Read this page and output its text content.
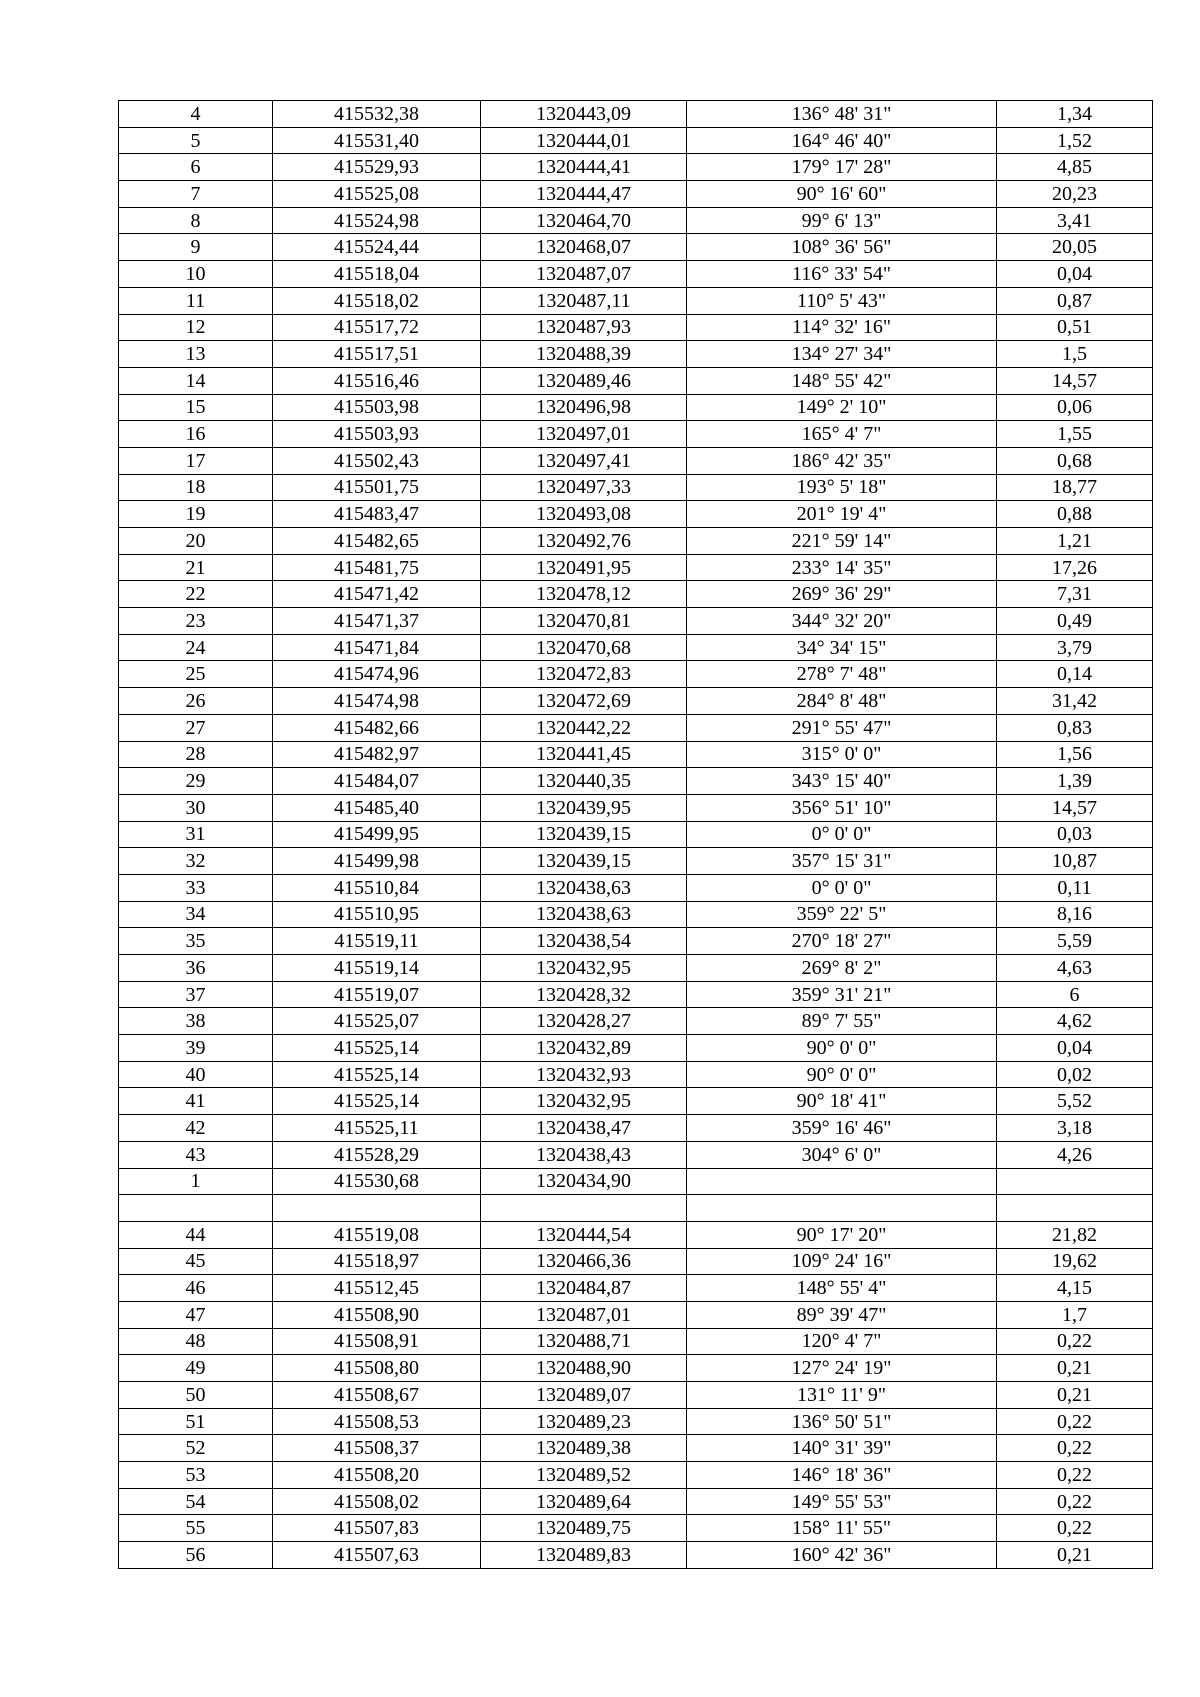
4	415532,38	1320443,09	136° 48' 31"	1,34
5	415531,40	1320444,01	164° 46' 40"	1,52
6	415529,93	1320444,41	179° 17' 28"	4,85
7	415525,08	1320444,47	90° 16' 60"	20,23
8	415524,98	1320464,70	99° 6' 13"	3,41
9	415524,44	1320468,07	108° 36' 56"	20,05
10	415518,04	1320487,07	116° 33' 54"	0,04
11	415518,02	1320487,11	110° 5' 43"	0,87
12	415517,72	1320487,93	114° 32' 16"	0,51
13	415517,51	1320488,39	134° 27' 34"	1,5
14	415516,46	1320489,46	148° 55' 42"	14,57
15	415503,98	1320496,98	149° 2' 10"	0,06
16	415503,93	1320497,01	165° 4' 7"	1,55
17	415502,43	1320497,41	186° 42' 35"	0,68
18	415501,75	1320497,33	193° 5' 18"	18,77
19	415483,47	1320493,08	201° 19' 4"	0,88
20	415482,65	1320492,76	221° 59' 14"	1,21
21	415481,75	1320491,95	233° 14' 35"	17,26
22	415471,42	1320478,12	269° 36' 29"	7,31
23	415471,37	1320470,81	344° 32' 20"	0,49
24	415471,84	1320470,68	34° 34' 15"	3,79
25	415474,96	1320472,83	278° 7' 48"	0,14
26	415474,98	1320472,69	284° 8' 48"	31,42
27	415482,66	1320442,22	291° 55' 47"	0,83
28	415482,97	1320441,45	315° 0' 0"	1,56
29	415484,07	1320440,35	343° 15' 40"	1,39
30	415485,40	1320439,95	356° 51' 10"	14,57
31	415499,95	1320439,15	0° 0' 0"	0,03
32	415499,98	1320439,15	357° 15' 31"	10,87
33	415510,84	1320438,63	0° 0' 0"	0,11
34	415510,95	1320438,63	359° 22' 5"	8,16
35	415519,11	1320438,54	270° 18' 27"	5,59
36	415519,14	1320432,95	269° 8' 2"	4,63
37	415519,07	1320428,32	359° 31' 21"	6
38	415525,07	1320428,27	89° 7' 55"	4,62
39	415525,14	1320432,89	90° 0' 0"	0,04
40	415525,14	1320432,93	90° 0' 0"	0,02
41	415525,14	1320432,95	90° 18' 41"	5,52
42	415525,11	1320438,47	359° 16' 46"	3,18
43	415528,29	1320438,43	304° 6' 0"	4,26
1	415530,68	1320434,90		

44	415519,08	1320444,54	90° 17' 20"	21,82
45	415518,97	1320466,36	109° 24' 16"	19,62
46	415512,45	1320484,87	148° 55' 4"	4,15
47	415508,90	1320487,01	89° 39' 47"	1,7
48	415508,91	1320488,71	120° 4' 7"	0,22
49	415508,80	1320488,90	127° 24' 19"	0,21
50	415508,67	1320489,07	131° 11' 9"	0,21
51	415508,53	1320489,23	136° 50' 51"	0,22
52	415508,37	1320489,38	140° 31' 39"	0,22
53	415508,20	1320489,52	146° 18' 36"	0,22
54	415508,02	1320489,64	149° 55' 53"	0,22
55	415507,83	1320489,75	158° 11' 55"	0,22
56	415507,63	1320489,83	160° 42' 36"	0,21
